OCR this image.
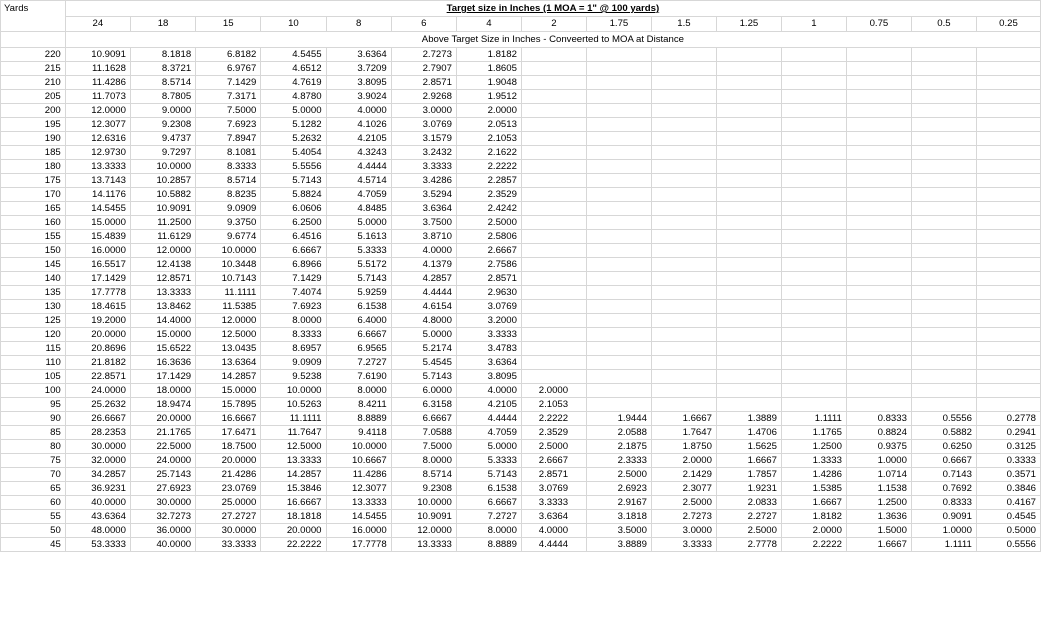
Yards	Target size in Inches (1 MOA = 1" @ 100 yards)														
	24	18	15	10	8	6	4	2	1.75	1.5	1.25	1	0.75	0.5	0.25
	Above Target Size in Inches - Conveerted to MOA at Distance														
220	10.9091	8.1818	6.8182	4.5455	3.6364	2.7273	1.8182								
215	11.1628	8.3721	6.9767	4.6512	3.7209	2.7907	1.8605								
210	11.4286	8.5714	7.1429	4.7619	3.8095	2.8571	1.9048								
205	11.7073	8.7805	7.3171	4.8780	3.9024	2.9268	1.9512								
200	12.0000	9.0000	7.5000	5.0000	4.0000	3.0000	2.0000								
195	12.3077	9.2308	7.6923	5.1282	4.1026	3.0769	2.0513								
190	12.6316	9.4737	7.8947	5.2632	4.2105	3.1579	2.1053								
185	12.9730	9.7297	8.1081	5.4054	4.3243	3.2432	2.1622								
180	13.3333	10.0000	8.3333	5.5556	4.4444	3.3333	2.2222								
175	13.7143	10.2857	8.5714	5.7143	4.5714	3.4286	2.2857								
170	14.1176	10.5882	8.8235	5.8824	4.7059	3.5294	2.3529								
165	14.5455	10.9091	9.0909	6.0606	4.8485	3.6364	2.4242								
160	15.0000	11.2500	9.3750	6.2500	5.0000	3.7500	2.5000								
155	15.4839	11.6129	9.6774	6.4516	5.1613	3.8710	2.5806								
150	16.0000	12.0000	10.0000	6.6667	5.3333	4.0000	2.6667								
145	16.5517	12.4138	10.3448	6.8966	5.5172	4.1379	2.7586								
140	17.1429	12.8571	10.7143	7.1429	5.7143	4.2857	2.8571								
135	17.7778	13.3333	11.1111	7.4074	5.9259	4.4444	2.9630								
130	18.4615	13.8462	11.5385	7.6923	6.1538	4.6154	3.0769								
125	19.2000	14.4000	12.0000	8.0000	6.4000	4.8000	3.2000								
120	20.0000	15.0000	12.5000	8.3333	6.6667	5.0000	3.3333								
115	20.8696	15.6522	13.0435	8.6957	6.9565	5.2174	3.4783								
110	21.8182	16.3636	13.6364	9.0909	7.2727	5.4545	3.6364								
105	22.8571	17.1429	14.2857	9.5238	7.6190	5.7143	3.8095								
100	24.0000	18.0000	15.0000	10.0000	8.0000	6.0000	4.0000	2.0000							
95	25.2632	18.9474	15.7895	10.5263	8.4211	6.3158	4.2105	2.1053							
90	26.6667	20.0000	16.6667	11.1111	8.8889	6.6667	4.4444	2.2222	1.9444	1.6667	1.3889	1.1111	0.8333	0.5556	0.2778
85	28.2353	21.1765	17.6471	11.7647	9.4118	7.0588	4.7059	2.3529	2.0588	1.7647	1.4706	1.1765	0.8824	0.5882	0.2941
80	30.0000	22.5000	18.7500	12.5000	10.0000	7.5000	5.0000	2.5000	2.1875	1.8750	1.5625	1.2500	0.9375	0.6250	0.3125
75	32.0000	24.0000	20.0000	13.3333	10.6667	8.0000	5.3333	2.6667	2.3333	2.0000	1.6667	1.3333	1.0000	0.6667	0.3333
70	34.2857	25.7143	21.4286	14.2857	11.4286	8.5714	5.7143	2.8571	2.5000	2.1429	1.7857	1.4286	1.0714	0.7143	0.3571
65	36.9231	27.6923	23.0769	15.3846	12.3077	9.2308	6.1538	3.0769	2.6923	2.3077	1.9231	1.5385	1.1538	0.7692	0.3846
60	40.0000	30.0000	25.0000	16.6667	13.3333	10.0000	6.6667	3.3333	2.9167	2.5000	2.0833	1.6667	1.2500	0.8333	0.4167
55	43.6364	32.7273	27.2727	18.1818	14.5455	10.9091	7.2727	3.6364	3.1818	2.7273	2.2727	1.8182	1.3636	0.9091	0.4545
50	48.0000	36.0000	30.0000	20.0000	16.0000	12.0000	8.0000	4.0000	3.5000	3.0000	2.5000	2.0000	1.5000	1.0000	0.5000
45	53.3333	40.0000	33.3333	22.2222	17.7778	13.3333	8.8889	4.4444	3.8889	3.3333	2.7778	2.2222	1.6667	1.1111	0.5556
